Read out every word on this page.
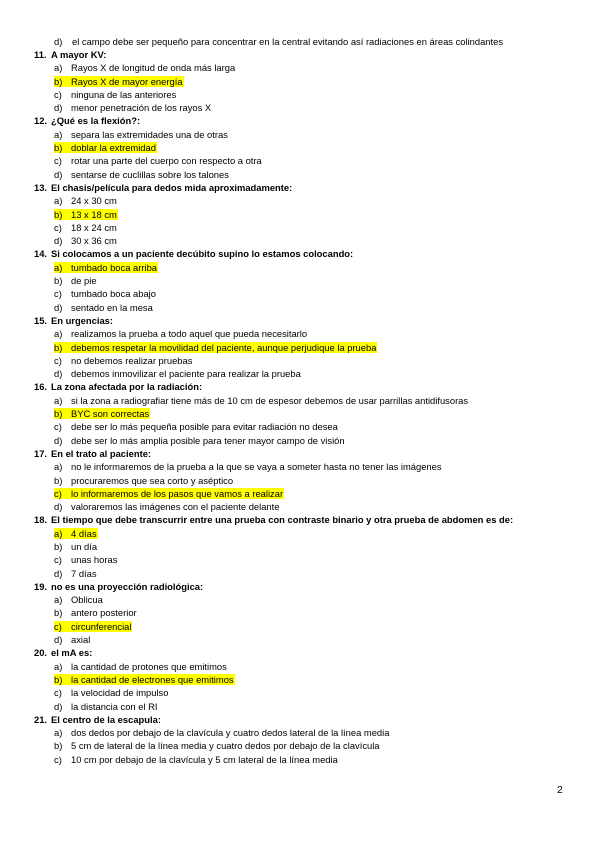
d) el campo debe ser pequeño para concentrar en la central evitando así radiaciones en áreas colindantes
11. A mayor KV:
a) Rayos X de longitud de onda más larga
b) Rayos X de mayor energía
c) ninguna de las anteriores
d) menor penetración de los rayos X
12. ¿Qué es la flexión?:
a) separa las extremidades una de otras
b) doblar la extremidad
c) rotar una parte del cuerpo con respecto a otra
d) sentarse de cuclillas sobre los talones
13. El chasis/película para dedos mida aproximadamente:
a) 24 x 30 cm
b) 13 x 18 cm
c) 18 x 24 cm
d) 30 x 36 cm
14. Si colocamos a un paciente decúbito supino lo estamos colocando:
a) tumbado boca arriba
b) de pie
c) tumbado boca abajo
d) sentado en la mesa
15. En urgencias:
a) realizamos la prueba a todo aquel que pueda necesitarlo
b) debemos respetar la movilidad del paciente, aunque perjudique la prueba
c) no debemos realizar pruebas
d) debemos inmovilizar el paciente para realizar la prueba
16. La zona afectada por la radiación:
a) si la zona a radiografiar tiene más de 10 cm de espesor debemos de usar parrillas antidifusoras
b) BYC son correctas
c) debe ser lo más pequeña posible para evitar radiación no desea
d) debe ser lo más amplia posible para tener mayor campo de visión
17. En el trato al paciente:
a) no le informaremos de la prueba a la que se vaya a someter hasta no tener las imágenes
b) procuraremos que sea corto y aséptico
c) lo informaremos de los pasos que vamos a realizar
d) valoraremos las imágenes con el paciente delante
18. El tiempo que debe transcurrir entre una prueba con contraste binario y otra prueba de abdomen es de:
a) 4 días
b) un día
c) unas horas
d) 7 días
19. no es una proyección radiológica:
a) Oblicua
b) antero posterior
c) circunferencial
d) axial
20. el mA es:
a) la cantidad de protones que emitimos
b) la cantidad de electrones que emitimos
c) la velocidad de impulso
d) la distancia con el RI
21. El centro de la escapula:
a) dos dedos por debajo de la clavícula y cuatro dedos lateral de la línea media
b) 5 cm de lateral de la línea media y cuatro dedos por debajo de la clavícula
c) 10 cm por debajo de la clavícula y 5 cm lateral de la línea media
2
